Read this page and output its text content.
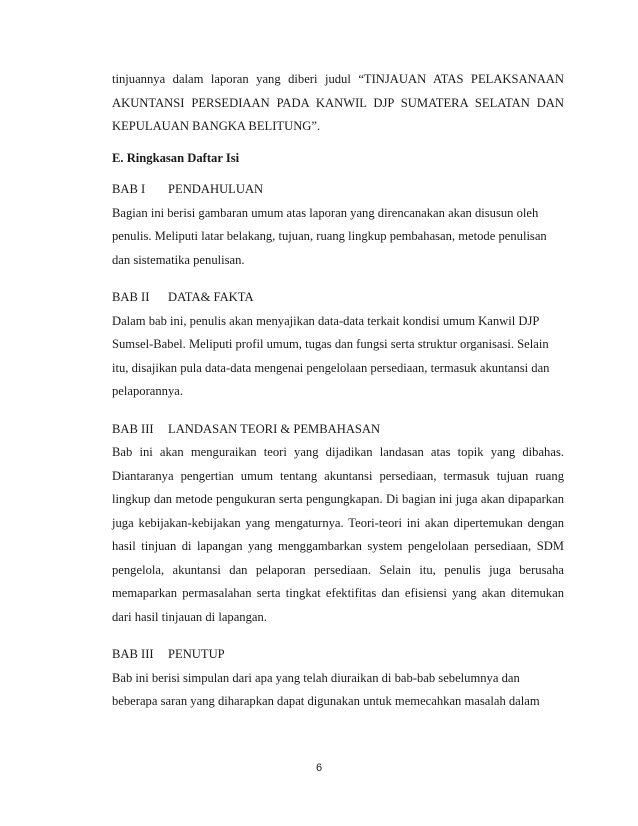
tinjuannya dalam laporan yang diberi judul “TINJAUAN ATAS PELAKSANAAN
AKUNTANSI PERSEDIAAN PADA KANWIL DJP SUMATERA SELATAN DAN
KEPULAUAN BANGKA BELITUNG”.
E. Ringkasan Daftar Isi
BAB I PENDAHULUAN
Bagian ini berisi gambaran umum atas laporan yang direncanakan akan disusun oleh
penulis. Meliputi latar belakang, tujuan, ruang lingkup pembahasan, metode penulisan
dan sistematika penulisan.
BAB II DATA& FAKTA
Dalam bab ini, penulis akan menyajikan data-data terkait kondisi umum Kanwil DJP
Sumsel-Babel. Meliputi profil umum, tugas dan fungsi serta struktur organisasi. Selain
itu, disajikan pula data-data mengenai pengelolaan persediaan, termasuk akuntansi dan
pelaporannya.
BAB III LANDASAN TEORI & PEMBAHASAN
Bab ini akan menguraikan teori yang dijadikan landasan atas topik yang dibahas.
Diantaranya pengertian umum tentang akuntansi persediaan, termasuk tujuan ruang
lingkup dan metode pengukuran serta pengungkapan. Di bagian ini juga akan dipaparkan
juga kebijakan-kebijakan yang mengaturnya. Teori-teori ini akan dipertemukan dengan
hasil tinjuan di lapangan yang menggambarkan system pengelolaan persediaan, SDM
pengelola, akuntansi dan pelaporan persediaan. Selain itu, penulis juga berusaha
memaparkan permasalahan serta tingkat efektifitas dan efisiensi yang akan ditemukan
dari hasil tinjauan di lapangan.
BAB III PENUTUP
Bab ini berisi simpulan dari apa yang telah diuraikan di bab-bab sebelumnya dan
beberapa saran yang diharapkan dapat digunakan untuk memecahkan masalah dalam
6
